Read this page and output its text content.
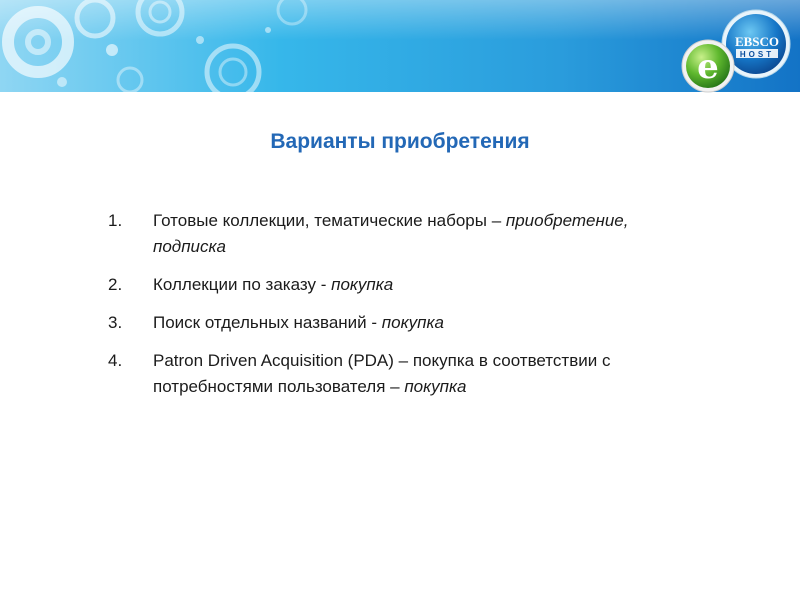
e
EBSCO
HOST
Варианты приобретения
1. Готовые коллекции, тематические наборы – приобретение, подписка
2. Коллекции по заказу - покупка
3. Поиск отдельных названий - покупка
4. Patron Driven Acquisition (PDA) – покупка в соответствии с потребностями пользователя – покупка
